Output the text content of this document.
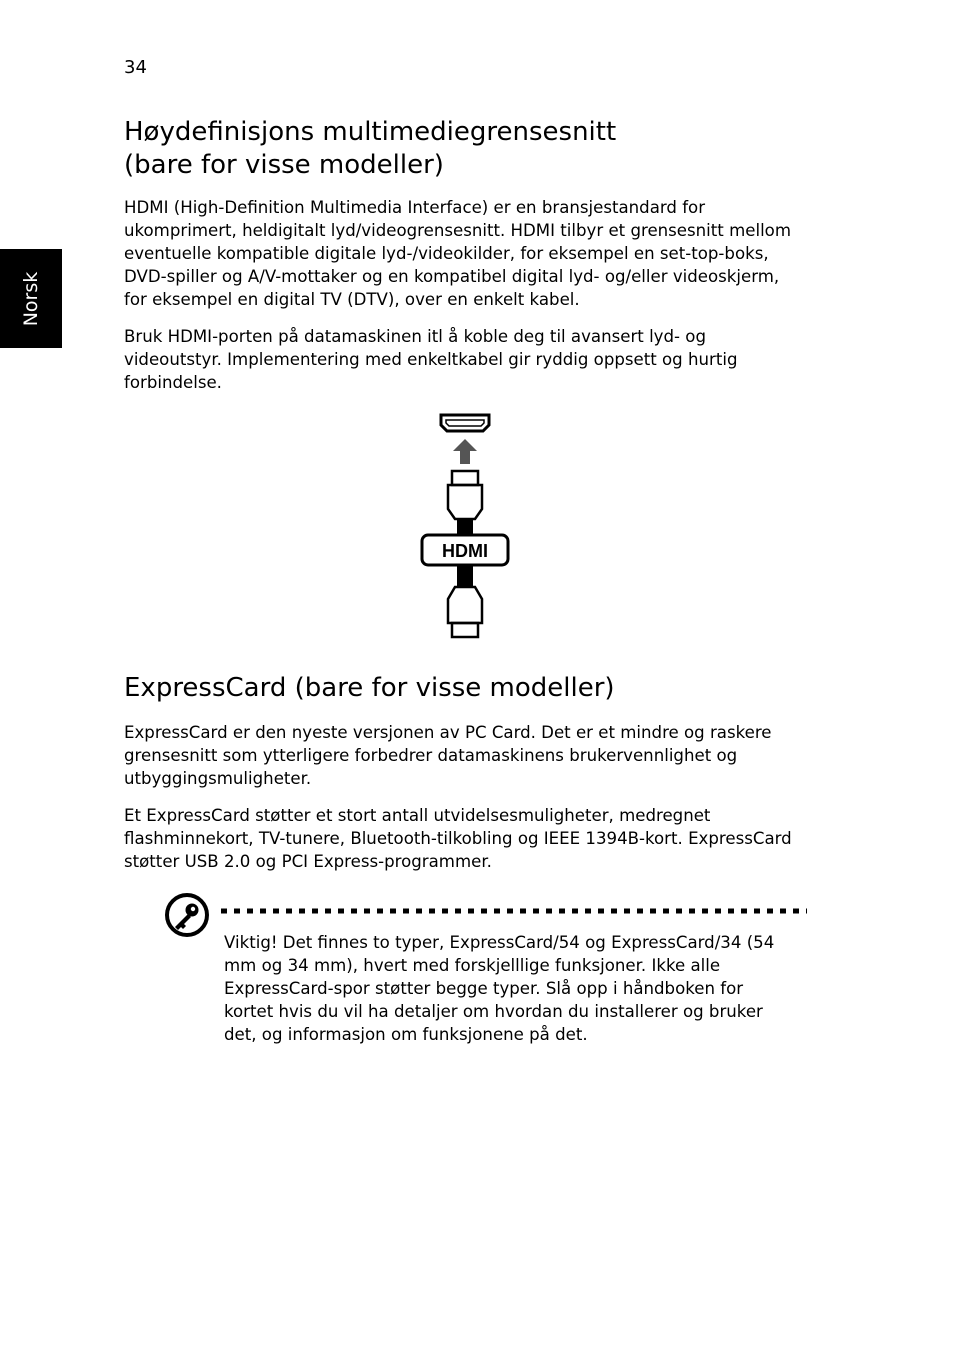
34
Norsk
Høydefinisjons multimediegrensesnitt
(bare for visse modeller)

HDMI (High-Definition Multimedia Interface) er en bransjestandard for ukomprimert, heldigitalt lyd/videogrensesnitt. HDMI tilbyr et grensesnitt mellom eventuelle kompatible digitale lyd-/videokilder, for eksempel en set-top-boks, DVD-spiller og A/V-mottaker og en kompatibel digital lyd- og/eller videoskjerm, for eksempel en digital TV (DTV), over en enkelt kabel.

Bruk HDMI-porten på datamaskinen itl å koble deg til avansert lyd- og videoutstyr. Implementering med enkeltkabel gir ryddig oppsett og hurtig forbindelse.

HDMI
ExpressCard (bare for visse modeller)

ExpressCard er den nyeste versjonen av PC Card. Det er et mindre og raskere grensesnitt som ytterligere forbedrer datamaskinens brukervennlighet og utbyggingsmuligheter.

Et ExpressCard støtter et stort antall utvidelsesmuligheter, medregnet flashminnekort, TV-tunere, Bluetooth-tilkobling og IEEE 1394B-kort. ExpressCard støtter USB 2.0 og PCI Express-programmer.

Viktig! Det finnes to typer, ExpressCard/54 og ExpressCard/34 (54 mm og 34 mm), hvert med forskjelllige funksjoner. Ikke alle ExpressCard-spor støtter begge typer. Slå opp i håndboken for kortet hvis du vil ha detaljer om hvordan du installerer og bruker det, og informasjon om funksjonene på det.
